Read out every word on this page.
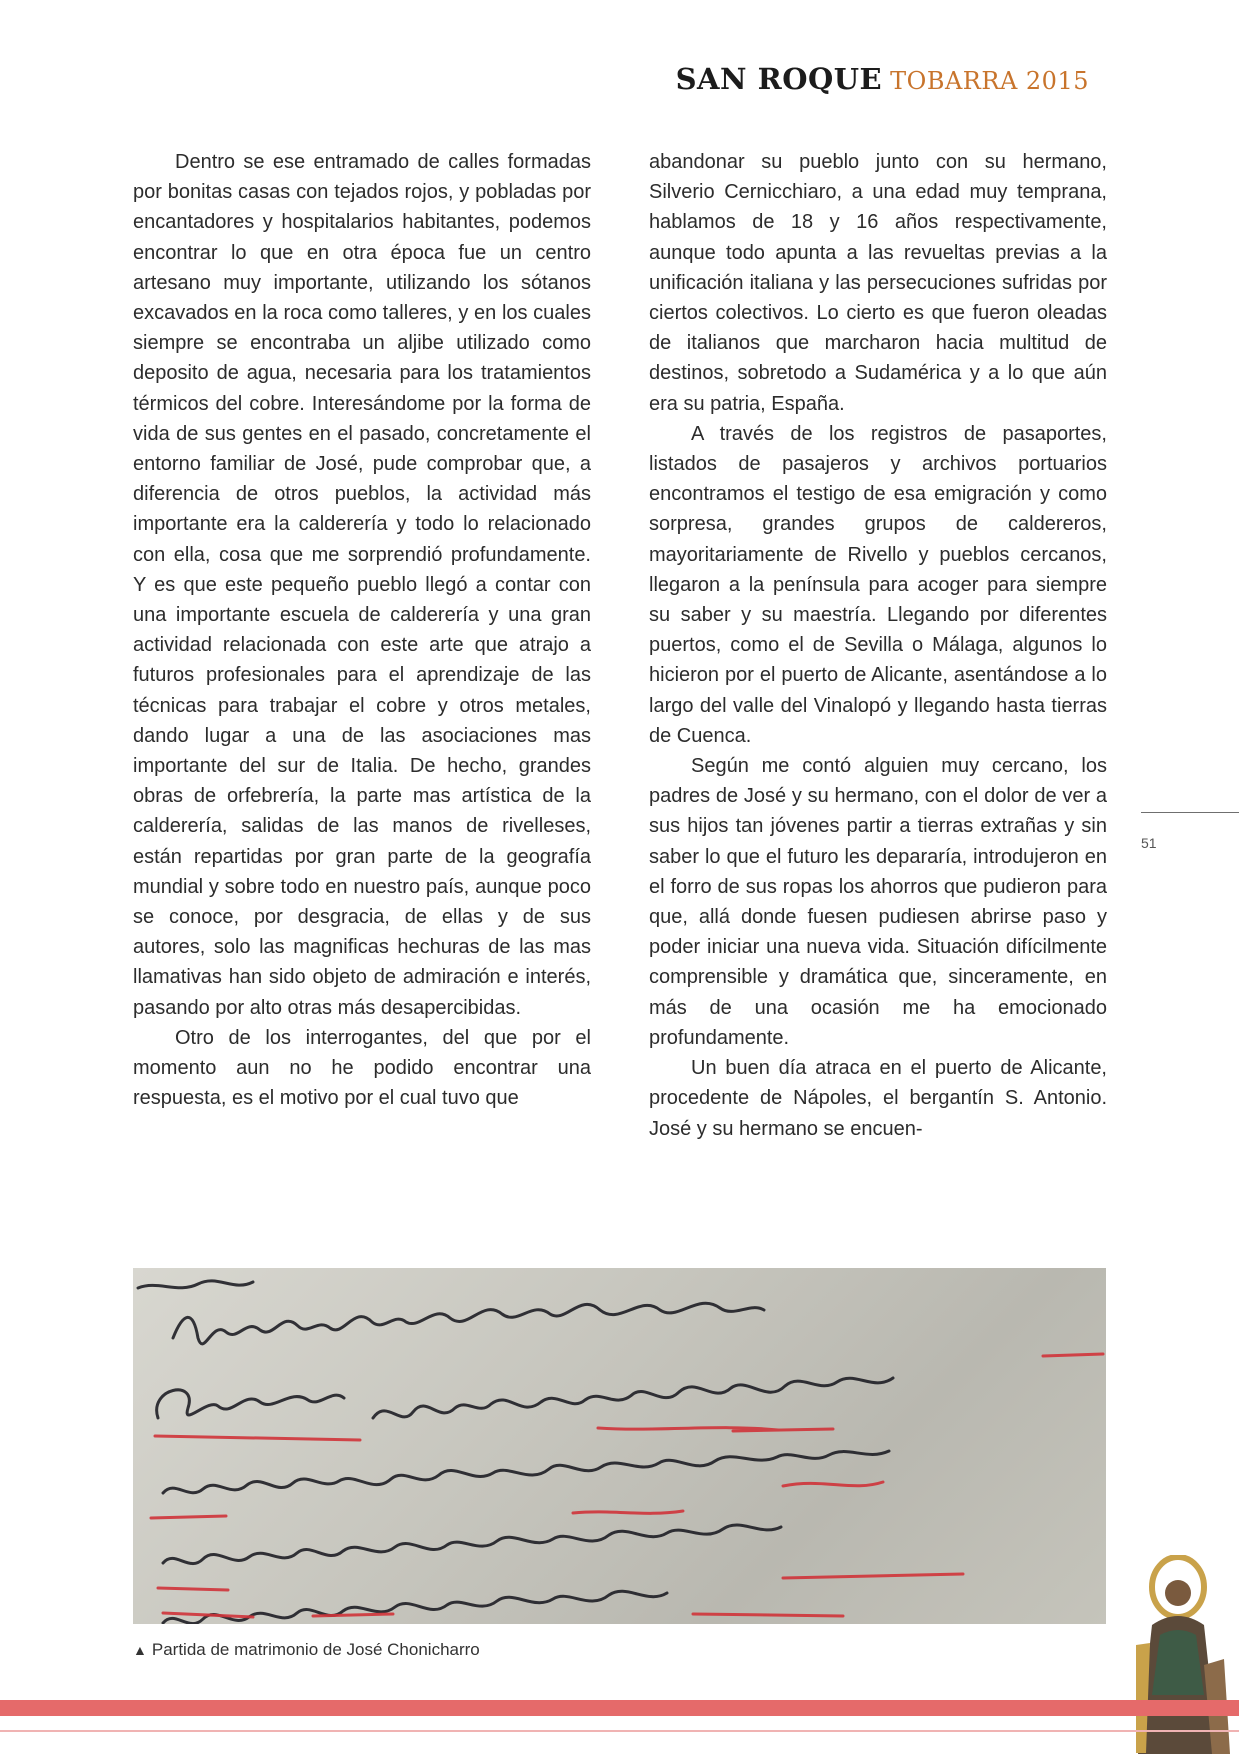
SAN ROQUE TOBARRA 2015

Dentro se ese entramado de calles formadas por bonitas casas con tejados rojos, y pobladas por encantadores y hospitalarios habitantes, podemos encontrar lo que en otra época fue un centro artesano muy importante, utilizando los sótanos excavados en la roca como talleres, y en los cuales siempre se encontraba un aljibe utilizado como deposito de agua, necesaria para los tratamientos térmicos del cobre. Interesándome por la forma de vida de sus gentes en el pasado, concretamente el entorno familiar de José, pude comprobar que, a diferencia de otros pueblos, la actividad más importante era la calderería y todo lo relacionado con ella, cosa que me sorprendió profundamente. Y es que este pequeño pueblo llegó a contar con una importante escuela de calderería y una gran actividad relacionada con este arte que atrajo a futuros profesionales para el aprendizaje de las técnicas para trabajar el cobre y otros metales, dando lugar a una de las asociaciones mas importante del sur de Italia. De hecho, grandes obras de orfebrería, la parte mas artística de la calderería, salidas de las manos de rivelleses, están repartidas por gran parte de la geografía mundial y sobre todo en nuestro país, aunque poco se conoce, por desgracia, de ellas y de sus autores, solo las magnificas hechuras de las mas llamativas han sido objeto de admiración e interés, pasando por alto otras más desapercibidas.

Otro de los interrogantes, del que por el momento aun no he podido encontrar una respuesta, es el motivo por el cual tuvo que

abandonar su pueblo junto con su hermano, Silverio Cernicchiaro, a una edad muy temprana, hablamos de 18 y 16 años respectivamente, aunque todo apunta a las revueltas previas a la unificación italiana y las persecuciones sufridas por ciertos colectivos. Lo cierto es que fueron oleadas de italianos que marcharon hacia multitud de destinos, sobretodo a Sudamérica y a lo que aún era su patria, España.

A través de los registros de pasaportes, listados de pasajeros y archivos portuarios encontramos el testigo de esa emigración y como sorpresa, grandes grupos de caldereros, mayoritariamente de Rivello y pueblos cercanos, llegaron a la península para acoger para siempre su saber y su maestría. Llegando por diferentes puertos, como el de Sevilla o Málaga, algunos lo hicieron por el puerto de Alicante, asentándose a lo largo del valle del Vinalopó y llegando hasta tierras de Cuenca.

Según me contó alguien muy cercano, los padres de José y su hermano, con el dolor de ver a sus hijos tan jóvenes partir a tierras extrañas y sin saber lo que el futuro les depararía, introdujeron en el forro de sus ropas los ahorros que pudieron para que, allá donde fuesen pudiesen abrirse paso y poder iniciar una nueva vida. Situación difícilmente comprensible y dramática que, sinceramente, en más de una ocasión me ha emocionado profundamente.

Un buen día atraca en el puerto de Alicante, procedente de Nápoles, el bergantín S. Antonio. José y su hermano se encuen-

51
▲ Partida de matrimonio de José Chonicharro
